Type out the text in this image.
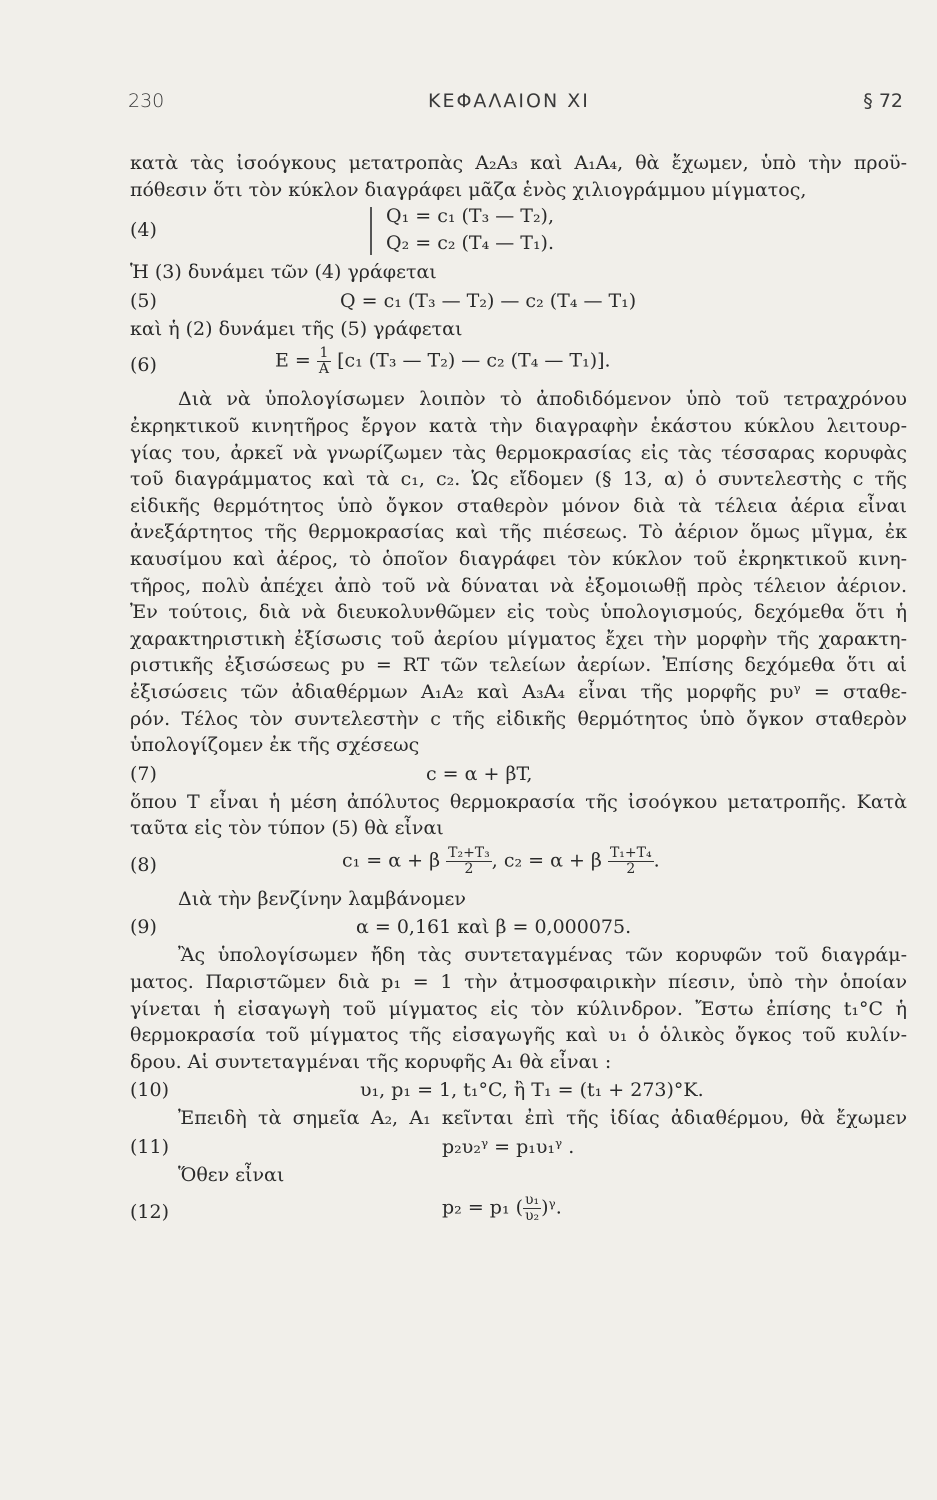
230	ΚΕΦΑΛΑΙΟΝ XI	§ 72

κατὰ τὰς ἰσοόγκους μετατροπὰς A₂A₃ καὶ A₁A₄, θὰ ἔχωμεν, ὑπὸ τὴν προϋ-

πόθεσιν ὅτι τὸν κύκλον διαγράφει μᾶζα ἑνὸς χιλιογράμμου μίγματος,

(4)
Q₁ = c₁ (T₃ — T₂),
Q₂ = c₂ (T₄ — T₁).

Ἡ (3) δυνάμει τῶν (4) γράφεται

(5)	Q = c₁ (T₃ — T₂) — c₂ (T₄ — T₁)

καὶ ἡ (2) δυνάμει τῆς (5) γράφεται

(6)	$E = \frac{1}{A} [c_1$ (T₃ — T₂) — c₂ (T₄ — T₁)].

Διὰ νὰ ὑπολογίσωμεν λοιπὸν τὸ ἀποδιδόμενον ὑπὸ τοῦ τετραχρόνου

ἐκρηκτικοῦ κινητῆρος ἔργον κατὰ τὴν διαγραφὴν ἑκάστου κύκλου λειτουρ-

γίας του, ἀρκεῖ νὰ γνωρίζωμεν τὰς θερμοκρασίας εἰς τὰς τέσσαρας κορυφὰς

τοῦ διαγράμματος καὶ τὰ c₁, c₂. Ὡς εἴδομεν (§ 13, α) ὁ συντελεστὴς c τῆς

εἰδικῆς θερμότητος ὑπὸ ὄγκον σταθερὸν μόνον διὰ τὰ τέλεια ἀέρια εἶναι

ἀνεξάρτητος τῆς θερμοκρασίας καὶ τῆς πιέσεως. Τὸ ἀέριον ὅμως μῖγμα, ἐκ

καυσίμου καὶ ἀέρος, τὸ ὁποῖον διαγράφει τὸν κύκλον τοῦ ἐκρηκτικοῦ κινη-

τῆρος, πολὺ ἀπέχει ἀπὸ τοῦ νὰ δύναται νὰ ἐξομοιωθῇ πρὸς τέλειον ἀέριον.

Ἐν τούτοις, διὰ νὰ διευκολυνθῶμεν εἰς τοὺς ὑπολογισμούς, δεχόμεθα ὅτι ἡ

χαρακτηριστικὴ ἐξίσωσις τοῦ ἀερίου μίγματος ἔχει τὴν μορφὴν τῆς χαρακτη-

ριστικῆς ἐξισώσεως pυ = RT τῶν τελείων ἀερίων. Ἐπίσης δεχόμεθα ὅτι αἱ

ἐξισώσεις τῶν ἀδιαθέρμων A₁A₂ καὶ A₃A₄ εἶναι τῆς μορφῆς pυᵞ = σταθε-

ρόν. Τέλος τὸν συντελεστὴν c τῆς εἰδικῆς θερμότητος ὑπὸ ὄγκον σταθερὸν

ὑπολογίζομεν ἐκ τῆς σχέσεως

(7)	c = α + βT,

ὅπου T εἶναι ἡ μέση ἀπόλυτος θερμοκρασία τῆς ἰσοόγκου μετατροπῆς. Κατὰ

ταῦτα εἰς τὸν τύπον (5) θὰ εἶναι

(8)	c₁ = α + β $\frac{\text{T₂+T₃}}{2}$ , c₂ = α + β $\frac{\text{T₁+T₄}}{2}$ .

Διὰ τὴν βενζίνην λαμβάνομεν

(9)	α = 0,161 καὶ β = 0,000075.

Ἂς ὑπολογίσωμεν ἤδη τὰς συντεταγμένας τῶν κορυφῶν τοῦ διαγράμ-

ματος. Παριστῶμεν διὰ p₁ = 1 τὴν ἀτμοσφαιρικὴν πίεσιν, ὑπὸ τὴν ὁποίαν

γίνεται ἡ εἰσαγωγὴ τοῦ μίγματος εἰς τὸν κύλινδρον. Ἔστω ἐπίσης t₁°C ἡ

θερμοκρασία τοῦ μίγματος τῆς εἰσαγωγῆς καὶ υ₁ ὁ ὁλικὸς ὄγκος τοῦ κυλίν-

δρου. Αἱ συντεταγμέναι τῆς κορυφῆς A₁ θὰ εἶναι :

(10)	υ₁, p₁ = 1, t₁°C, ἢ T₁ = (t₁ + 273)°K.

Ἐπειδὴ τὰ σημεῖα A₂, A₁ κεῖνται ἐπὶ τῆς ἰδίας ἀδιαθέρμου, θὰ ἔχωμεν

(11)	p₂υ₂ᵞ = p₁υ₁ᵞ .

Ὅθεν εἶναι

(12)	p₂ = p₁ ( $\frac{\text{υ₁}}{\text{υ₂}}$ )ᵞ.
